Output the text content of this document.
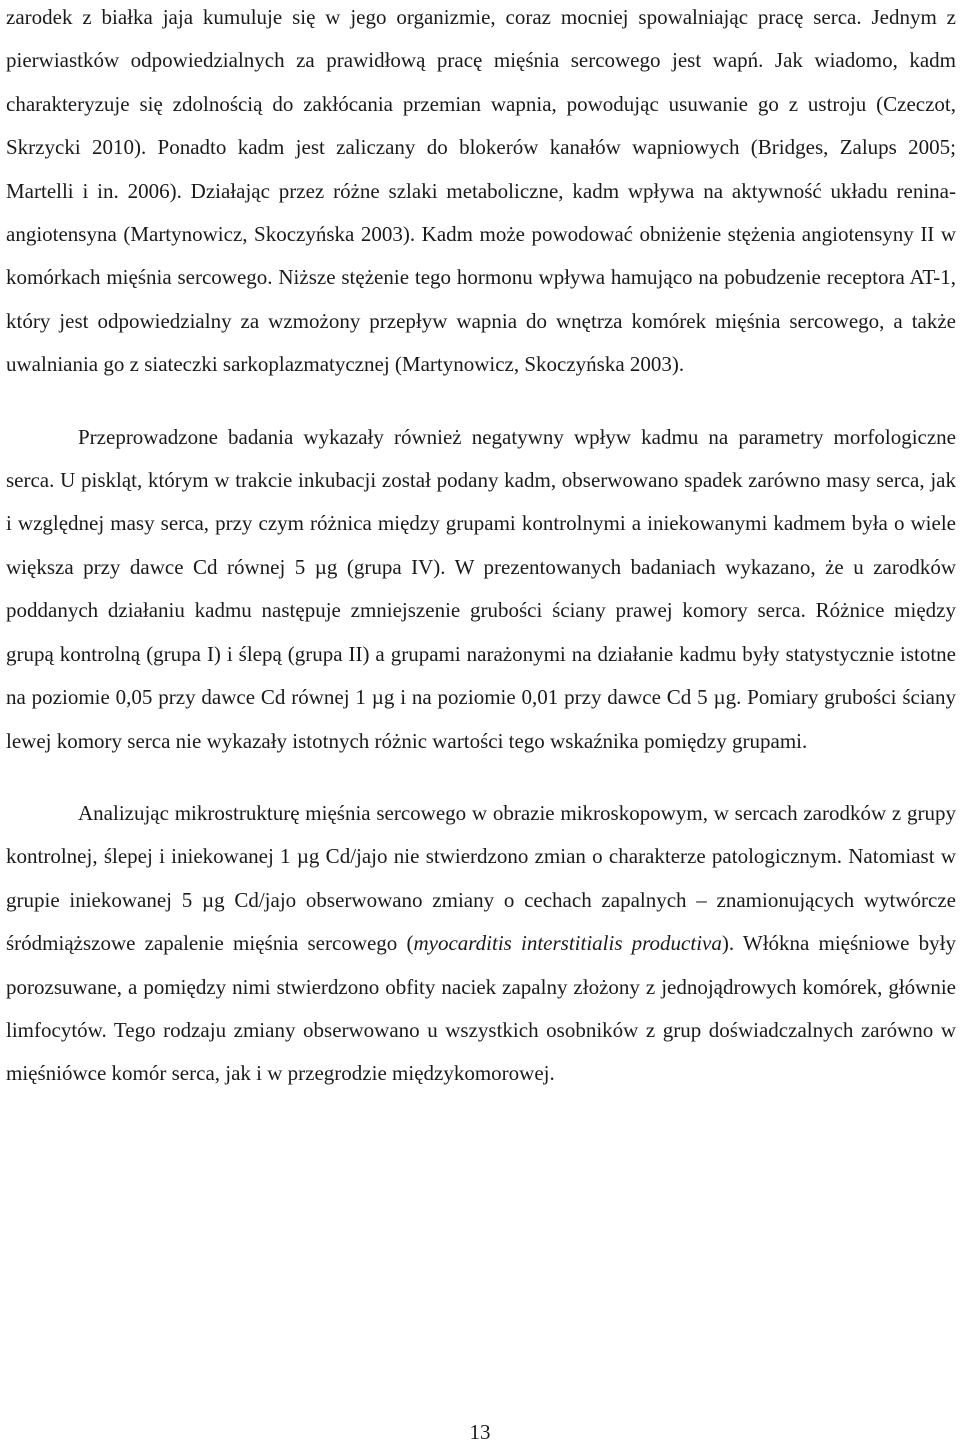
zarodek z białka jaja kumuluje się w jego organizmie, coraz mocniej spowalniając pracę serca. Jednym z pierwiastków odpowiedzialnych za prawidłową pracę mięśnia sercowego jest wapń. Jak wiadomo, kadm charakteryzuje się zdolnością do zakłócania przemian wapnia, powodując usuwanie go z ustroju (Czeczot, Skrzycki 2010). Ponadto kadm jest zaliczany do blokerów kanałów wapniowych (Bridges, Zalups 2005; Martelli i in. 2006). Działając przez różne szlaki metaboliczne, kadm wpływa na aktywność układu renina-angiotensyna (Martynowicz, Skoczyńska 2003). Kadm może powodować obniżenie stężenia angiotensyny II w komórkach mięśnia sercowego. Niższe stężenie tego hormonu wpływa hamująco na pobudzenie receptora AT-1, który jest odpowiedzialny za wzmożony przepływ wapnia do wnętrza komórek mięśnia sercowego, a także uwalniania go z siateczki sarkoplazmatycznej (Martynowicz, Skoczyńska 2003).

Przeprowadzone badania wykazały również negatywny wpływ kadmu na parametry morfologiczne serca. U piskląt, którym w trakcie inkubacji został podany kadm, obserwowano spadek zarówno masy serca, jak i względnej masy serca, przy czym różnica między grupami kontrolnymi a iniekowanymi kadmem była o wiele większa przy dawce Cd równej 5 µg (grupa IV). W prezentowanych badaniach wykazano, że u zarodków poddanych działaniu kadmu następuje zmniejszenie grubości ściany prawej komory serca. Różnice między grupą kontrolną (grupa I) i ślepą (grupa II) a grupami narażonymi na działanie kadmu były statystycznie istotne na poziomie 0,05 przy dawce Cd równej 1 µg i na poziomie 0,01 przy dawce Cd 5 µg. Pomiary grubości ściany lewej komory serca nie wykazały istotnych różnic wartości tego wskaźnika pomiędzy grupami.

Analizując mikrostrukturę mięśnia sercowego w obrazie mikroskopowym, w sercach zarodków z grupy kontrolnej, ślepej i iniekowanej 1 µg Cd/jajo nie stwierdzono zmian o charakterze patologicznym. Natomiast w grupie iniekowanej 5 µg Cd/jajo obserwowano zmiany o cechach zapalnych – znamionujących wytwórcze śródmiąższowe zapalenie mięśnia sercowego (myocarditis interstitialis productiva). Włókna mięśniowe były porozsuwane, a pomiędzy nimi stwierdzono obfity naciek zapalny złożony z jednojądrowych komórek, głównie limfocytów. Tego rodzaju zmiany obserwowano u wszystkich osobników z grup doświadczalnych zarówno w mięśniówce komór serca, jak i w przegrodzie międzykomorowej.

13
